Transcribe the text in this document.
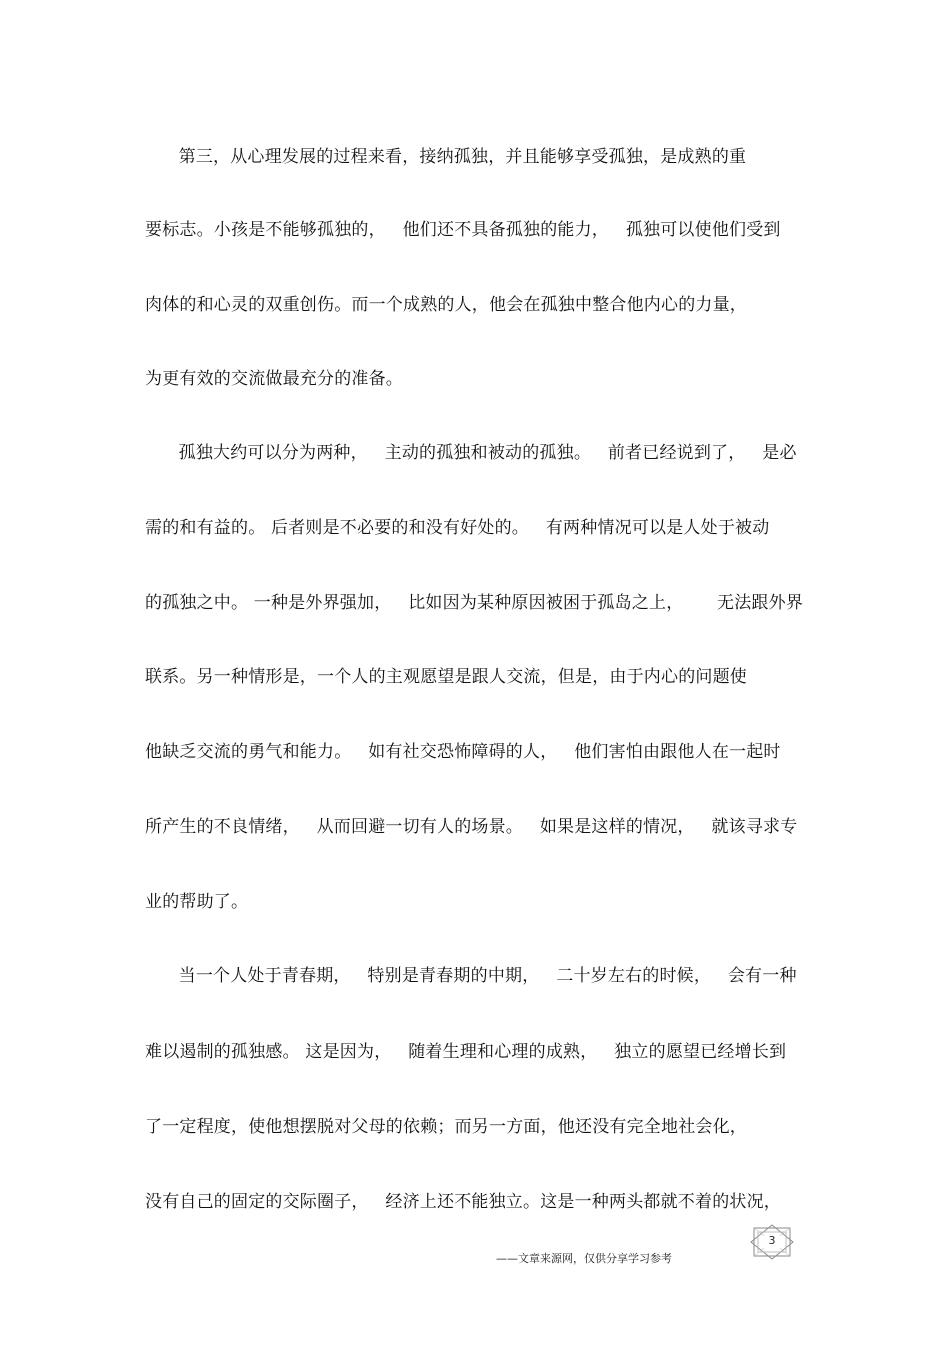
第三，从心理发展的过程来看，接纳孤独，并且能够享受孤独，是成熟的重
要标志。小孩是不能够孤独的，   他们还不具备孤独的能力，   孤独可以使他们受到
肉体的和心灵的双重创伤。而一个成熟的人，他会在孤独中整合他内心的力量，
为更有效的交流做最充分的准备。
孤独大约可以分为两种，   主动的孤独和被动的孤独。   前者已经说到了，   是必
需的和有益的。 后者则是不必要的和没有好处的。   有两种情况可以是人处于被动
的孤独之中。 一种是外界强加，   比如因为某种原因被困于孤岛之上，      无法跟外界
联系。另一种情形是，一个人的主观愿望是跟人交流，但是，由于内心的问题使
他缺乏交流的勇气和能力。   如有社交恐怖障碍的人，   他们害怕由跟他人在一起时
所产生的不良情绪，   从而回避一切有人的场景。   如果是这样的情况，   就该寻求专
业的帮助了。
当一个人处于青春期，   特别是青春期的中期，   二十岁左右的时候，   会有一种
难以遏制的孤独感。 这是因为，   随着生理和心理的成熟，   独立的愿望已经增长到
了一定程度，使他想摆脱对父母的依赖；而另一方面，他还没有完全地社会化，
没有自己的固定的交际圈子，   经济上还不能独立。这是一种两头都就不着的状况，
——文章来源网，仅供分享学习参考
3
